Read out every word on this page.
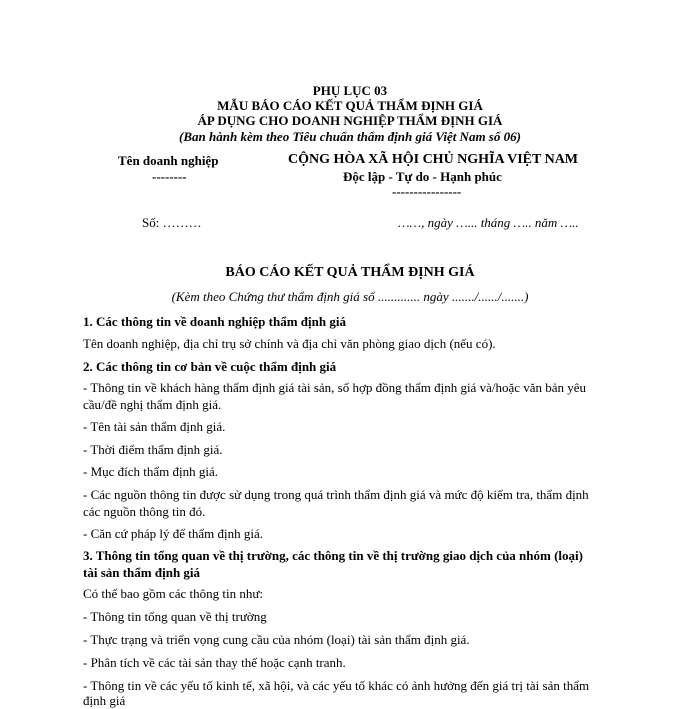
PHỤ LỤC 03
MẪU BÁO CÁO KẾT QUẢ THẨM ĐỊNH GIÁ
ÁP DỤNG CHO DOANH NGHIỆP THẨM ĐỊNH GIÁ
(Ban hành kèm theo Tiêu chuẩn thẩm định giá Việt Nam số 06)
Tên doanh nghiệp
--------
CỘNG HÒA XÃ HỘI CHỦ NGHĨA VIỆT NAM
Độc lập - Tự do - Hạnh phúc
----------------
Số: ………	……, ngày …... tháng ….. năm …..
BÁO CÁO KẾT QUẢ THẨM ĐỊNH GIÁ
(Kèm theo Chứng thư thẩm định giá số ............. ngày ......./....../.......)
1. Các thông tin về doanh nghiệp thẩm định giá
Tên doanh nghiệp, địa chỉ trụ sở chính và địa chỉ văn phòng giao dịch (nếu có).
2. Các thông tin cơ bản về cuộc thẩm định giá
- Thông tin về khách hàng thẩm định giá tài sản, số hợp đồng thẩm định giá và/hoặc văn bản yêu
cầu/đề nghị thẩm định giá.
- Tên tài sản thẩm định giá.
- Thời điểm thẩm định giá.
- Mục đích thẩm định giá.
- Các nguồn thông tin được sử dụng trong quá trình thẩm định giá và mức độ kiểm tra, thẩm định
các nguồn thông tin đó.
- Căn cứ pháp lý để thẩm định giá.
3. Thông tin tổng quan về thị trường, các thông tin về thị trường giao dịch của nhóm (loại)
tài sản thẩm định giá
Có thể bao gồm các thông tin như:
- Thông tin tổng quan về thị trường
- Thực trạng và triển vọng cung cầu của nhóm (loại) tài sản thẩm định giá.
- Phân tích về các tài sản thay thế hoặc cạnh tranh.
- Thông tin về các yếu tố kinh tế, xã hội, và các yếu tố khác có ảnh hưởng đến giá trị tài sản thẩm
định giá
